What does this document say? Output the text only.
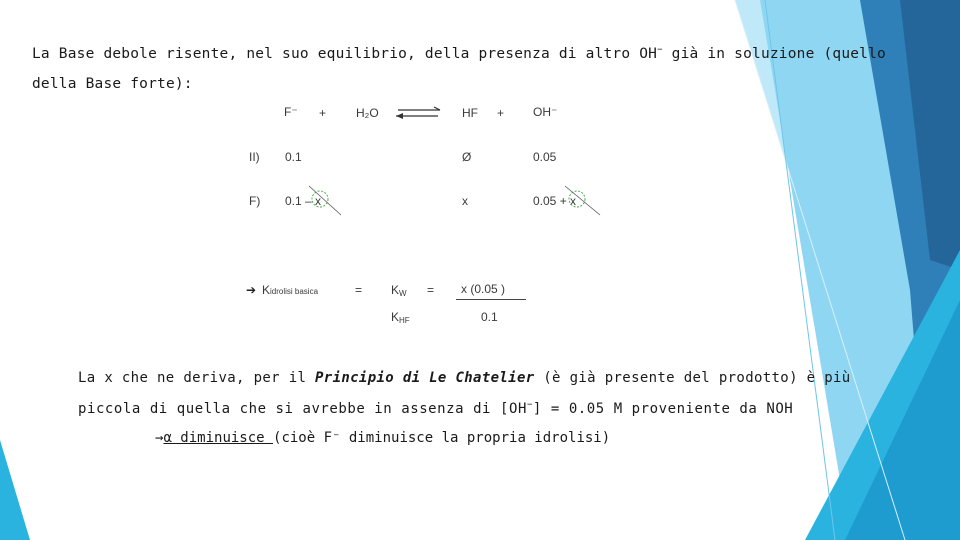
La Base debole risente, nel suo equilibrio, della presenza di altro OH− già in soluzione (quello
della Base forte):
F⁻ + H₂O ⇌ HF + OH⁻
II) 0.1	Ø	0.05
F) 0.1 – x	x	0.05 + x
➔ Kidrolisi basica	= $K_W = x$ (0.05 )
$K_{HF}$	0.1
La x che ne deriva, per il Principio di Le Chatelier (è già presente del prodotto) è più
piccola di quella che si avrebbe in assenza di [OH−] = 0.05 M proveniente da NOH
→α diminuisce (cioè F⁻ diminuisce la propria idrolisi)
